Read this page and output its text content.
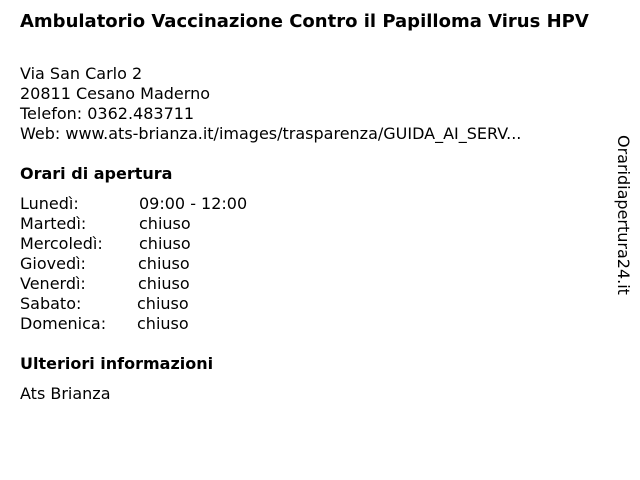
Ambulatorio Vaccinazione Contro il Papilloma Virus HPV
Via San Carlo 2
20811 Cesano Maderno
Telefon: 0362.483711
Web: www.ats-brianza.it/images/trasparenza/GUIDA_AI_SERV...
Orari di apertura
Lunedì:	09:00 - 12:00
Martedì:	chiuso
Mercoledì: chiuso
Giovedì:	chiuso
Venerdì:	chiuso
Sabato:	chiuso
Domenica: chiuso
Ulteriori informazioni
Ats Brianza
Oraridiapertura24.it
